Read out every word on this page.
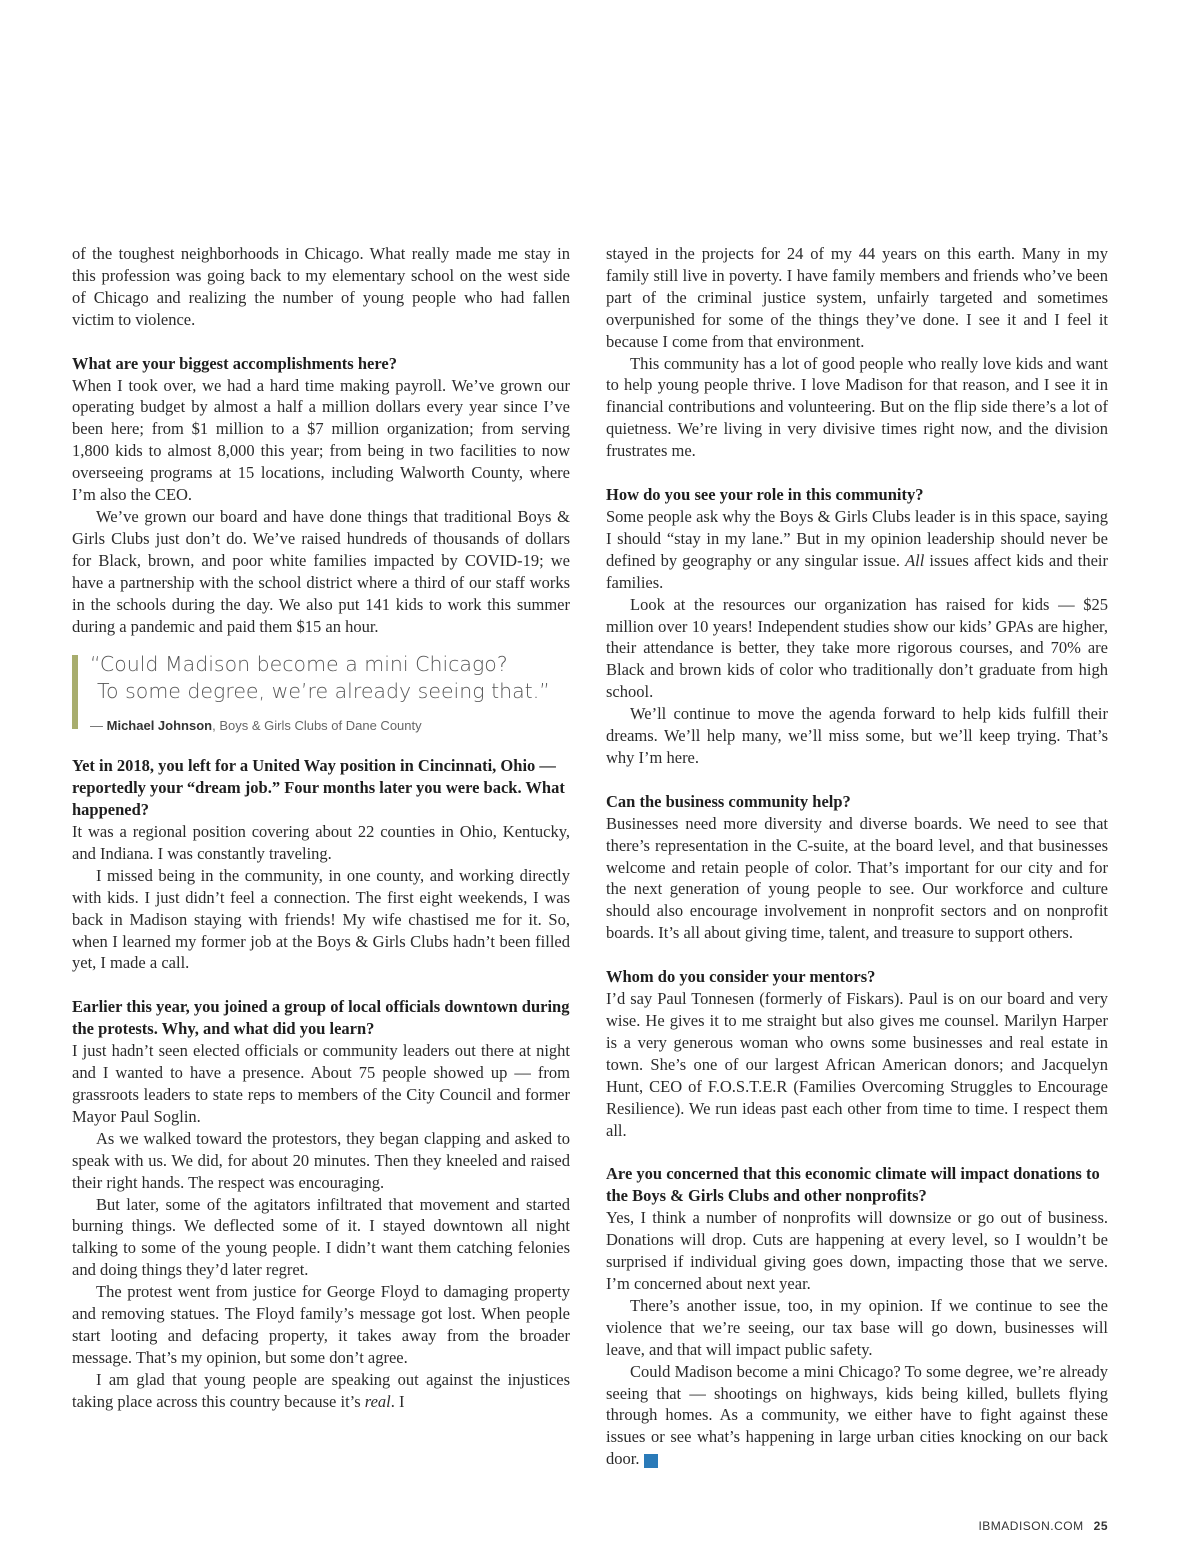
of the toughest neighborhoods in Chicago. What really made me stay in this profession was going back to my elementary school on the west side of Chicago and realizing the number of young people who had fallen victim to violence.

What are your biggest accomplishments here?

When I took over, we had a hard time making payroll. We’ve grown our operating budget by almost a half a million dollars every year since I’ve been here; from $1 million to a $7 million organization; from serving 1,800 kids to almost 8,000 this year; from being in two facilities to now overseeing programs at 15 locations, including Walworth County, where I’m also the CEO.

We’ve grown our board and have done things that traditional Boys & Girls Clubs just don’t do. We’ve raised hundreds of thousands of dollars for Black, brown, and poor white families impacted by COVID-19; we have a partnership with the school district where a third of our staff works in the schools during the day. We also put 141 kids to work this summer during a pandemic and paid them $15 an hour.

“Could Madison become a mini Chicago?
To some degree, we’re already seeing that.”
— Michael Johnson, Boys & Girls Clubs of Dane County
Yet in 2018, you left for a United Way position in Cincinnati, Ohio — reportedly your “dream job.” Four months later you were back. What happened?

It was a regional position covering about 22 counties in Ohio, Kentucky, and Indiana. I was constantly traveling.

I missed being in the community, in one county, and working directly with kids. I just didn’t feel a connection. The first eight weekends, I was back in Madison staying with friends! My wife chastised me for it. So, when I learned my former job at the Boys & Girls Clubs hadn’t been filled yet, I made a call.

Earlier this year, you joined a group of local officials downtown during the protests. Why, and what did you learn?

I just hadn’t seen elected officials or community leaders out there at night and I wanted to have a presence. About 75 people showed up — from grassroots leaders to state reps to members of the City Council and former Mayor Paul Soglin.

As we walked toward the protestors, they began clapping and asked to speak with us. We did, for about 20 minutes. Then they kneeled and raised their right hands. The respect was encouraging.

But later, some of the agitators infiltrated that movement and started burning things. We deflected some of it. I stayed downtown all night talking to some of the young people. I didn’t want them catching felonies and doing things they’d later regret.

The protest went from justice for George Floyd to damaging property and removing statues. The Floyd family’s message got lost. When people start looting and defacing property, it takes away from the broader message. That’s my opinion, but some don’t agree.

I am glad that young people are speaking out against the injustices taking place across this country because it’s real. I

stayed in the projects for 24 of my 44 years on this earth. Many in my family still live in poverty. I have family members and friends who’ve been part of the criminal justice system, unfairly targeted and sometimes overpunished for some of the things they’ve done. I see it and I feel it because I come from that environment.

This community has a lot of good people who really love kids and want to help young people thrive. I love Madison for that reason, and I see it in financial contributions and volunteering. But on the flip side there’s a lot of quietness. We’re living in very divisive times right now, and the division frustrates me.

How do you see your role in this community?

Some people ask why the Boys & Girls Clubs leader is in this space, saying I should “stay in my lane.” But in my opinion leadership should never be defined by geography or any singular issue. All issues affect kids and their families.

Look at the resources our organization has raised for kids — $25 million over 10 years! Independent studies show our kids’ GPAs are higher, their attendance is better, they take more rigorous courses, and 70% are Black and brown kids of color who traditionally don’t graduate from high school.

We’ll continue to move the agenda forward to help kids fulfill their dreams. We’ll help many, we’ll miss some, but we’ll keep trying. That’s why I’m here.

Can the business community help?

Businesses need more diversity and diverse boards. We need to see that there’s representation in the C-suite, at the board level, and that businesses welcome and retain people of color. That’s important for our city and for the next generation of young people to see. Our workforce and culture should also encourage involvement in nonprofit sectors and on nonprofit boards. It’s all about giving time, talent, and treasure to support others.

Whom do you consider your mentors?

I’d say Paul Tonnesen (formerly of Fiskars). Paul is on our board and very wise. He gives it to me straight but also gives me counsel. Marilyn Harper is a very generous woman who owns some businesses and real estate in town. She’s one of our largest African American donors; and Jacquelyn Hunt, CEO of F.O.S.T.E.R (Families Overcoming Struggles to Encourage Resilience). We run ideas past each other from time to time. I respect them all.

Are you concerned that this economic climate will impact donations to the Boys & Girls Clubs and other nonprofits?

Yes, I think a number of nonprofits will downsize or go out of business. Donations will drop. Cuts are happening at every level, so I wouldn’t be surprised if individual giving goes down, impacting those that we serve. I’m concerned about next year.

There’s another issue, too, in my opinion. If we continue to see the violence that we’re seeing, our tax base will go down, businesses will leave, and that will impact public safety.

Could Madison become a mini Chicago? To some degree, we’re already seeing that — shootings on highways, kids being killed, bullets flying through homes. As a community, we either have to fight against these issues or see what’s happening in large urban cities knocking on our back door.	IB

IBMADISON.COM 25
